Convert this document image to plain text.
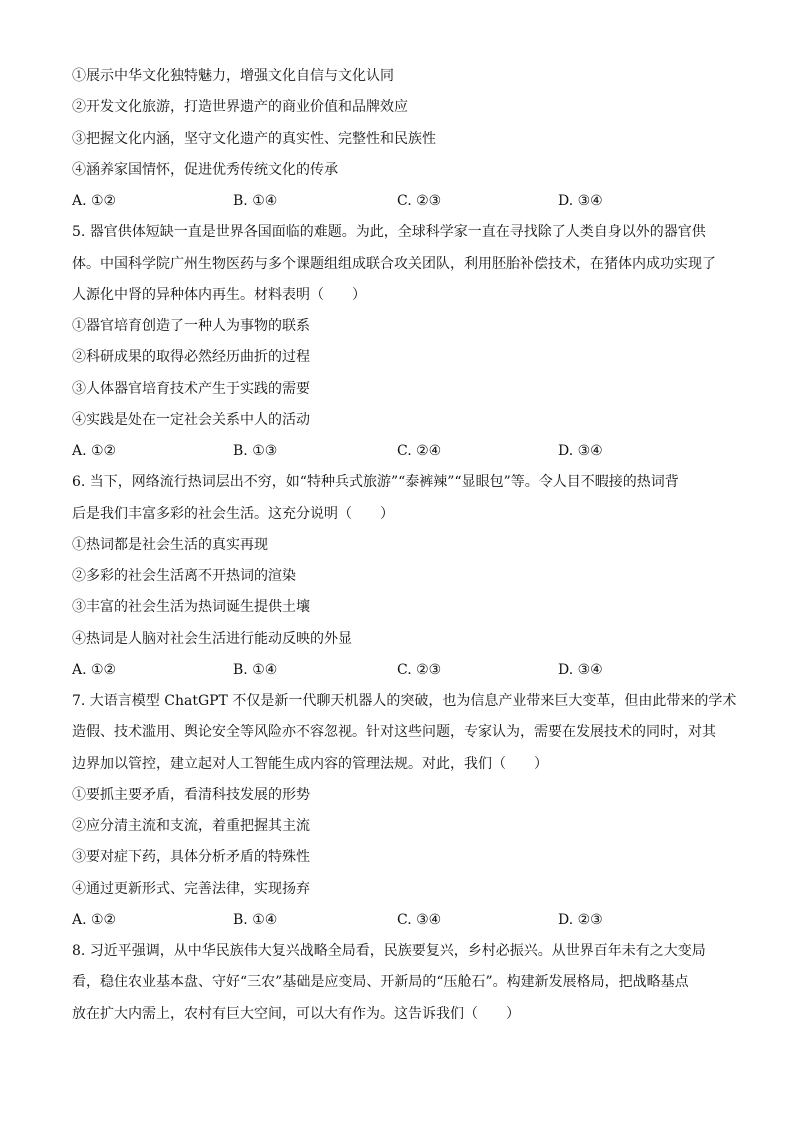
①展示中华文化独特魅力，增强文化自信与文化认同
②开发文化旅游，打造世界遗产的商业价值和品牌效应
③把握文化内涵，坚守文化遗产的真实性、完整性和民族性
④涵养家国情怀，促进优秀传统文化的传承
A. ①②	B. ①④	C. ②③	D. ③④
5. 器官供体短缺一直是世界各国面临的难题。为此，全球科学家一直在寻找除了人类自身以外的器官供
体。中国科学院广州生物医药与多个课题组组成联合攻关团队，利用胚胎补偿技术，在猪体内成功实现了
人源化中肾的异种体内再生。材料表明（　　）
①器官培育创造了一种人为事物的联系
②科研成果的取得必然经历曲折的过程
③人体器官培育技术产生于实践的需要
④实践是处在一定社会关系中人的活动
A. ①②	B. ①③	C. ②④	D. ③④
6. 当下，网络流行热词层出不穷，如“特种兵式旅游”“泰裤辣”“显眼包”等。令人目不暇接的热词背
后是我们丰富多彩的社会生活。这充分说明（　　）
①热词都是社会生活的真实再现
②多彩的社会生活离不开热词的渲染
③丰富的社会生活为热词诞生提供土壤
④热词是人脑对社会生活进行能动反映的外显
A. ①②	B. ①④	C. ②③	D. ③④
7. 大语言模型 ChatGPT 不仅是新一代聊天机器人的突破，也为信息产业带来巨大变革，但由此带来的学术
造假、技术滥用、舆论安全等风险亦不容忽视。针对这些问题，专家认为，需要在发展技术的同时，对其
边界加以管控，建立起对人工智能生成内容的管理法规。对此，我们（　　）
①要抓主要矛盾，看清科技发展的形势
②应分清主流和支流，着重把握其主流
③要对症下药，具体分析矛盾的特殊性
④通过更新形式、完善法律，实现扬弃
A. ①②	B. ①④	C. ③④	D. ②③
8. 习近平强调，从中华民族伟大复兴战略全局看，民族要复兴，乡村必振兴。从世界百年未有之大变局
看，稳住农业基本盘、守好“三农”基础是应变局、开新局的“压舱石”。构建新发展格局，把战略基点
放在扩大内需上，农村有巨大空间，可以大有作为。这告诉我们（　　）
